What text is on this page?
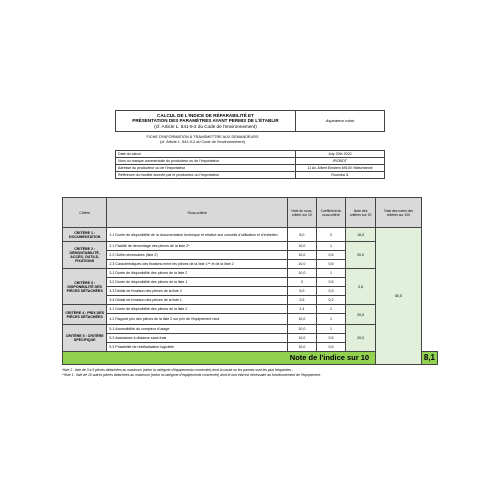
CALCUL DE L'INDICE DE RÉPARABILITÉ ET
PRÉSENTATION DES PARAMÈTRES AYANT PERMIS DE L'ÉTABLIR
(cf. Article L. 541-9-2 du Code de l'environnement)
	Aspirateur robot
FICHE D'INFORMATION À TRANSMETTRE AUX DEMANDEURS
(cf. Article L. 541-9-2 du Code de l'environnement)
Date du calcul	July 20th 2022
Nom ou marque commerciale du producteur ou de l'importateur	IROBOT
Adresse du producteur ou de l'importateur	11 Av. Albert Einstein 69100 Villeurbanne
Référence du modèle donnée par le producteur ou l'importateur	Roomba i1
Critère	Sous-critère	Note du sous-critère sur 10	Coefficient du sous-critère	Note des critères sur 20	Total des notes des critères sur 100	
CRITÈRE 1 : DOCUMENTATION	1.1 Durée de disponibilité de la documentation technique et relative aux conseils d'utilisation et d'entretien	8,0	2	16,0	80,5	
CRITÈRE 2 : DÉMONTABILITÉ, ACCÈS, OUTILS, FIXATIONS	2.1 Facilité de démontage des pièces de la liste 2*	10,0	1	20,0		
	2.2 Outils nécessaires (liste 2)	10,0	0,5			
	2.3 Caractéristiques des fixations entre les pièces de la liste 1** et de la liste 2	10,0	0,5			
CRITÈRE 3 : DISPONIBILITÉ DES PIÈCES DÉTACHÉES	3.1 Durée de disponibilité des pièces de la liste 2	10,0	1	2,6		
	3.2 Durée de disponibilité des pièces de la liste 1	0	0,5			
	3.3 Délais de livraison des pièces de la liste 2	5,0	0,3			
	3.4 Délais de livraison des pièces de la liste 1	2,5	0,2			
CRITÈRE 4 : PRIX DES PIÈCES DÉTACHÉES	4.1 Durée de disponibilité des pièces de la liste 2	1,4	1	20,0		
	4.2 Rapport prix des pièces de la liste 2 sur prix de l'équipement neuf	10,0	1			
CRITÈRE 5 : CRITÈRE SPÉCIFIQUE	5.1 Accessibilité du compteur d'usage	10,0	1	20,0		
	5.2 Assistance à distance sans frais	10,0	0,5			
	5.3 Possibilité de réinitialisation logicielle	10,0	0,5			
Note de l'indice sur 10						8,1
*liste 2 : liste de 3 à 5 pièces détachées au maximum (selon la catégorie d'équipements concernée) dont la casse ou les pannes sont les plus fréquentes ;
**liste 1 : liste de 10 autres pièces détachées au maximum (selon la catégorie d'équipements concernée) dont le bon état est nécessaire au fonctionnement de l'équipement.
